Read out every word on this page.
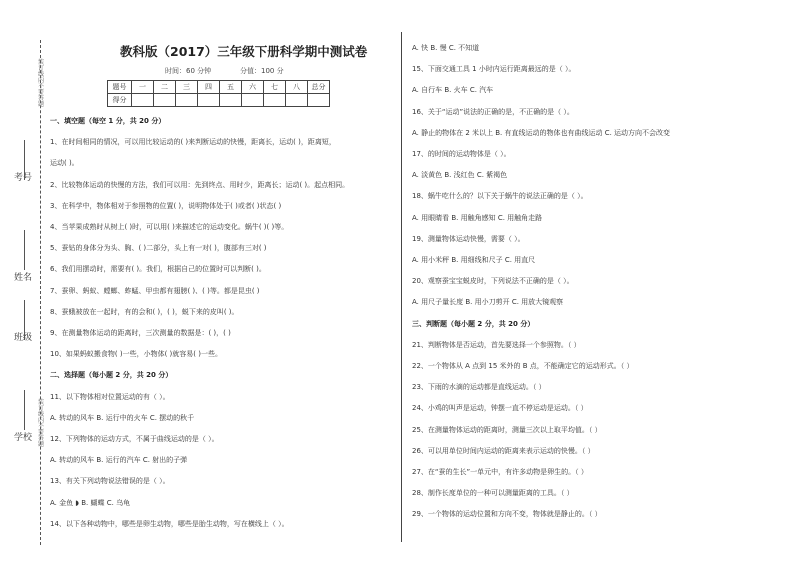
装订线内不要答题
装订线内不要答题
考号
姓名
班级
学校
教科版（2017）三年级下册科学期中测试卷
时间：60 分钟	分值：100 分
题号	一	二	三	四	五	六	七	八	总分
得分									
一、填空题（每空 1 分，共 20 分）
1、在时间相同的情况，可以用比较运动的( )来判断运动的快慢，距离长，运动( )，距离短，
运动( )。
2、比较物体运动的快慢的方法，我们可以用：先到终点、用时少，距离长；运动( )。起点相同。
3、在科学中，物体相对于参照物的位置( )，说明物体处于( )或者( )状态( )
4、当苹果成熟时从树上( )时，可以用( )来描述它的运动变化。蜗牛( )( )等。
5、蚕钻的身体分为头、胸、( )二部分，头上有一对( )，腹部有三对( )
6、我们用摆动时，需要有( )。我们，根据自己的位置时可以判断( )。
7、蚕卵、蚂蚁、螳螂、蚱蜢、甲虫都有翅膀( )、( )等。都是昆虫( )
8、蚕蛾被放在一起时，有的会和( )，( )，蜕下来的皮叫( )。
9、在测量物体运动的距离时，三次测量的数据是：( )，( )
10、如果蚂蚁搬食物( )一些，小物体( )就容易( )一些。
二、选择题（每小题 2 分，共 20 分）
11、以下物体相对位置运动的有（ ）。
A. 转动的风车 B. 运行中的火车 C. 摆动的秋千
12、下列物体的运动方式，不属于曲线运动的是（ ）。
A. 转动的风车 B. 运行的汽车 C. 射出的子弹
13、有关下列动物说法错误的是（ ）。
A. 金鱼 ◗ B. 蝴蝶 C. 乌龟
14、以下各种动物中，哪些是卵生动物，哪些是胎生动物，写在横线上（ ）。
A. 快 B. 慢 C. 不知道
15、下面交通工具 1 小时内运行距离最远的是（ ）。
A. 自行车 B. 火车 C. 汽车
16、关于“运动”说法的正确的是，不正确的是（ ）。
A. 静止的物体在 2 米以上 B. 有直线运动的物体也有曲线运动 C. 运动方向不会改变
17、的时间的运动物体是（ ）。
A. 淡黄色 B. 浅红色 C. 紫褐色
18、蜗牛吃什么的？以下关于蜗牛的说法正确的是（ ）。
A. 用眼睛看 B. 用触角感知 C. 用触角走路
19、测量物体运动快慢，需要（ ）。
A. 用小米秤 B. 用细线和尺子 C. 用直尺
20、观察蚕宝宝蜕皮时，下列说法不正确的是（ ）。
A. 用尺子量长度 B. 用小刀剪开 C. 用放大镜观察
三、判断题（每小题 2 分，共 20 分）
21、判断物体是否运动，首先要选择一个参照物。（ ）
22、一个物体从 A 点到 15 米外的 B 点，不能确定它的运动形式。（ ）
23、下雨的水滴的运动都是直线运动。（ ）
24、小鸡的叫声是运动，钟摆一直不停运动是运动。（ ）
25、在测量物体运动的距离时，测量三次以上取平均值。（ ）
26、可以用单位时间内运动的距离来表示运动的快慢。（ ）
27、在“蚕的生长”一单元中，有许多动物是卵生的。（ ）
28、制作长度单位的一种可以测量距离的工具。（ ）
29、一个物体的运动位置和方向不变，物体就是静止的。（ ）
